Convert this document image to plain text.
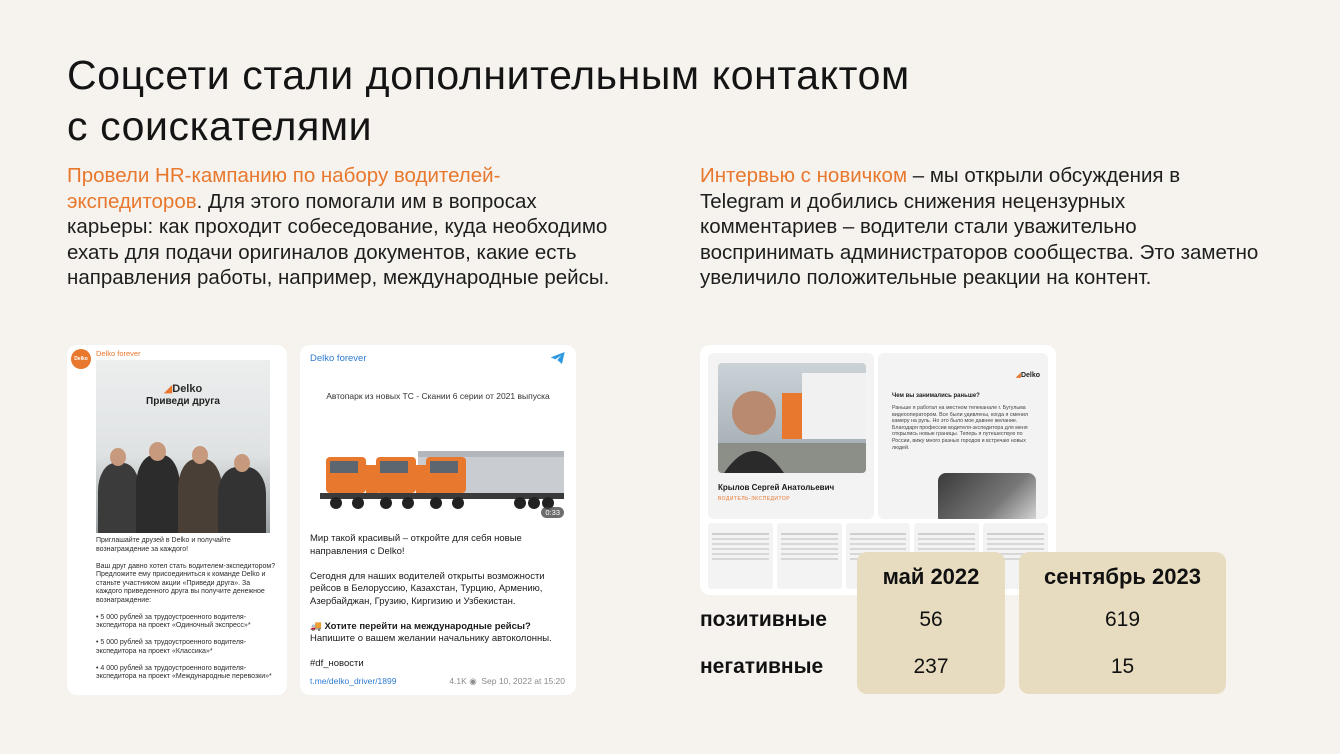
Соцсети стали дополнительным контактом
с соискателями
Провели HR-кампанию по набору водителей-экспедиторов. Для этого помогали им в вопросах карьеры: как проходит собеседование, куда необходимо ехать для подачи оригиналов документов, какие есть направления работы, например, международные рейсы.
Интервью с новичком – мы открыли обсуждения в Telegram и добились снижения нецензурных комментариев – водители стали уважительно воспринимать администраторов сообщества. Это заметно увеличило положительные реакции на контент.
Delko
Delko forever
◢Delko
Приведи друга

Приглашайте друзей в Delko и получайте вознаграждение за каждого!

Ваш друг давно хотел стать водителем-экспедитором? Предложите ему присоединиться к команде Delko и станьте участником акции «Приведи друга». За каждого приведенного друга вы получите денежное вознаграждение:

• 5 000 рублей за трудоустроенного водителя-экспедитора на проект «Одиночный экспресс»*

• 5 000 рублей за трудоустроенного водителя-экспедитора на проект «Классика»*

• 4 000 рублей за трудоустроенного водителя-экспедитора на проект «Международные перевозки»*

Delko forever
Автопарк из новых ТС - Скании 6 серии от 2021 выпуска
0:33

Мир такой красивый – откройте для себя новые направления с Delko!

Сегодня для наших водителей открыты возможности рейсов в Белоруссию, Казахстан, Турцию, Армению, Азербайджан, Грузию, Киргизию и Узбекистан.

🚚 Хотите перейти на международные рейсы?
Напишите о вашем желании начальнику автоколонны.

#df_новости

t.me/delko_driver/1899	4.1K ◉ Sep 10, 2022 at 15:20
Крылов Сергей Анатольевич
ВОДИТЕЛЬ-ЭКСПЕДИТОР
◢Delko
Чем вы занимались раньше?
Раньше я работал на местном телеканале г. Бугульма видеооператором. Все были удивлены, когда я сменил камеру на руль. Но это было мое давнее желание. Благодаря профессии водителя-экспедитора для меня открылись новые границы. Теперь я путешествую по России, вижу много разных городов и встречаю новых людей.
май 2022	сентябрь 2023
позитивные	56	619
негативные	237	15
